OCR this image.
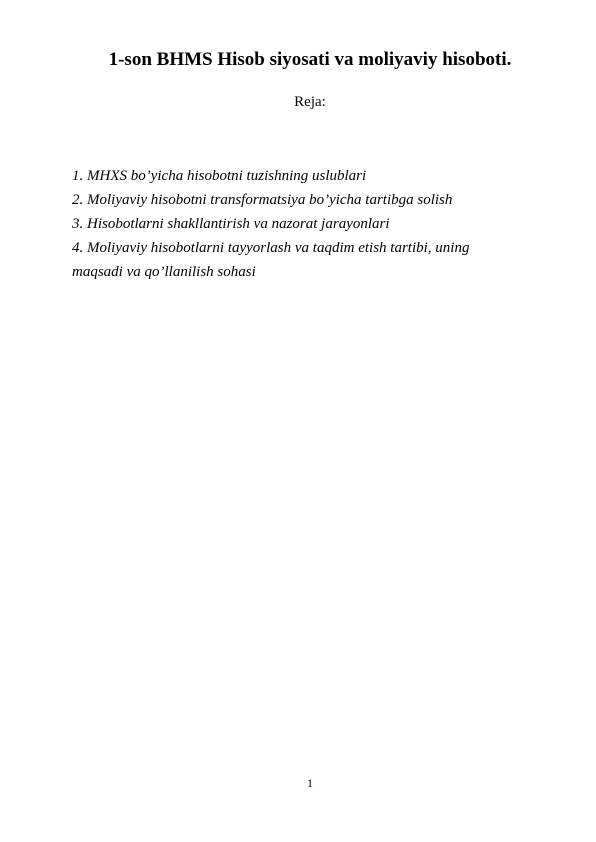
1-son BHMS Hisob siyosati va moliyaviy hisoboti.
Reja:
1. MHXS bo’yicha hisobotni tuzishning uslublari
2. Moliyaviy hisobotni transformatsiya bo’yicha tartibga solish
3. Hisobotlarni shakllantirish va nazorat jarayonlari
4. Moliyaviy hisobotlarni tayyorlash va taqdim etish tartibi, uning maqsadi va qo’llanilish sohasi
1
